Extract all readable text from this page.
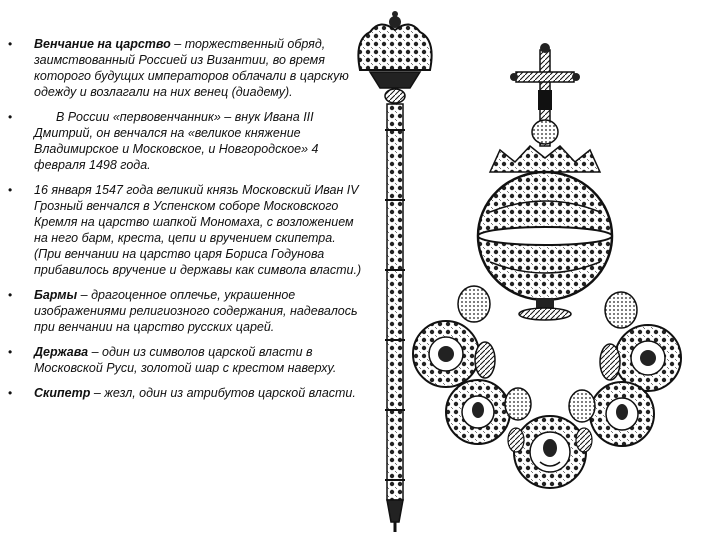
• Венчание на царство – торжественный обряд, заимствованный Россией из Византии, во время которого будущих императоров облачали в царскую одежду и возлагали на них венец (диадему).
•	В России «первовенчанник» – внук Ивана III Дмитрий, он венчался на «великое княжение Владимирское и Московское, и Новгородское» 4 февраля 1498 года.
• 16 января 1547 года великий князь Московский Иван IV Грозный венчался в Успенском соборе Московского Кремля на царство шапкой Мономаха, с возложением на него барм, креста, цепи и вручением скипетра. (При венчании на царство царя Бориса Годунова прибавилось вручение и державы как символа власти.)
• Бармы – драгоценное оплечье, украшенное изображениями религиозного содержания, надевалось при венчании на царство русских царей.
• Держава – один из символов царской власти в Московской Руси, золотой шар с крестом наверху.
• Скипетр – жезл, один из атрибутов царской власти.
